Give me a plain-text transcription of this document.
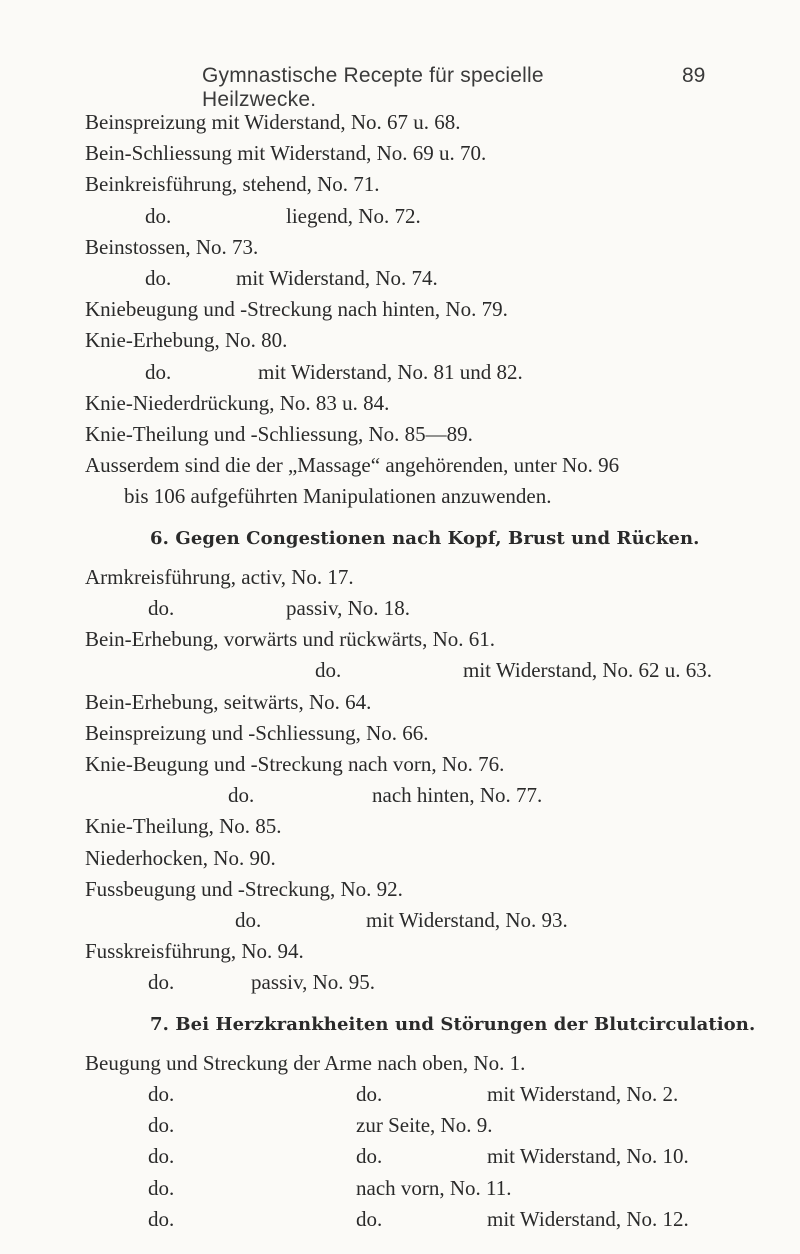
Gymnastische Recepte für specielle Heilzwecke.
89
Beinspreizung mit Widerstand, No. 67 u. 68.
Bein-Schliessung mit Widerstand, No. 69 u. 70.
Beinkreisführung, stehend, No. 71.
do.	liegend, No. 72.
Beinstossen, No. 73.
do.	mit Widerstand, No. 74.
Kniebeugung und -Streckung nach hinten, No. 79.
Knie-Erhebung, No. 80.
do.	mit Widerstand, No. 81 und 82.
Knie-Niederdrückung, No. 83 u. 84.
Knie-Theilung und -Schliessung, No. 85—89.
Ausserdem sind die der „Massage“ angehörenden, unter No. 96
bis 106 aufgeführten Manipulationen anzuwenden.
6. Gegen Congestionen nach Kopf, Brust und Rücken.
Armkreisführung, activ, No. 17.
do.	passiv, No. 18.
Bein-Erhebung, vorwärts und rückwärts, No. 61.
do.	mit Widerstand, No. 62 u. 63.
Bein-Erhebung, seitwärts, No. 64.
Beinspreizung und -Schliessung, No. 66.
Knie-Beugung und -Streckung nach vorn, No. 76.
do.	nach hinten, No. 77.
Knie-Theilung, No. 85.
Niederhocken, No. 90.
Fussbeugung und -Streckung, No. 92.
do.	mit Widerstand, No. 93.
Fusskreisführung, No. 94.
do.	passiv, No. 95.
7. Bei Herzkrankheiten und Störungen der Blutcirculation.
Beugung und Streckung der Arme nach oben, No. 1.
do.	do.	mit Widerstand, No. 2.
do.	zur Seite, No. 9.
do.	do.	mit Widerstand, No. 10.
do.	nach vorn, No. 11.
do.	do.	mit Widerstand, No. 12.
